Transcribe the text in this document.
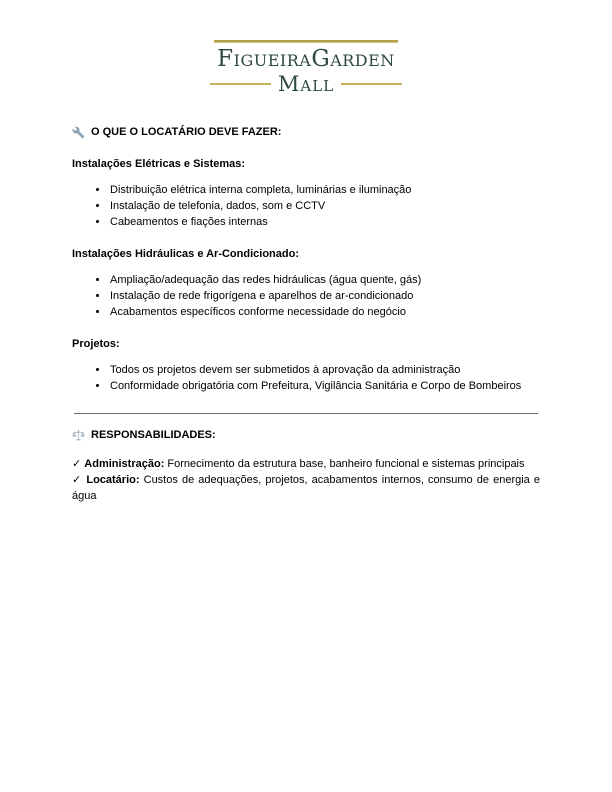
FigueiraGarden
Mall
O QUE O LOCATÁRIO DEVE FAZER:
Instalações Elétricas e Sistemas:
• Distribuição elétrica interna completa, luminárias e iluminação
• Instalação de telefonia, dados, som e CCTV
• Cabeamentos e fiações internas
Instalações Hidráulicas e Ar-Condicionado:
• Ampliação/adequação das redes hidráulicas (água quente, gás)
• Instalação de rede frigorígena e aparelhos de ar-condicionado
• Acabamentos específicos conforme necessidade do negócio
Projetos:
• Todos os projetos devem ser submetidos à aprovação da administração
• Conformidade obrigatória com Prefeitura, Vigilância Sanitária e Corpo de Bombeiros
RESPONSABILIDADES:

✓ Administração: Fornecimento da estrutura base, banheiro funcional e sistemas principais

✓ Locatário: Custos de adequações, projetos, acabamentos internos, consumo de energia e água
